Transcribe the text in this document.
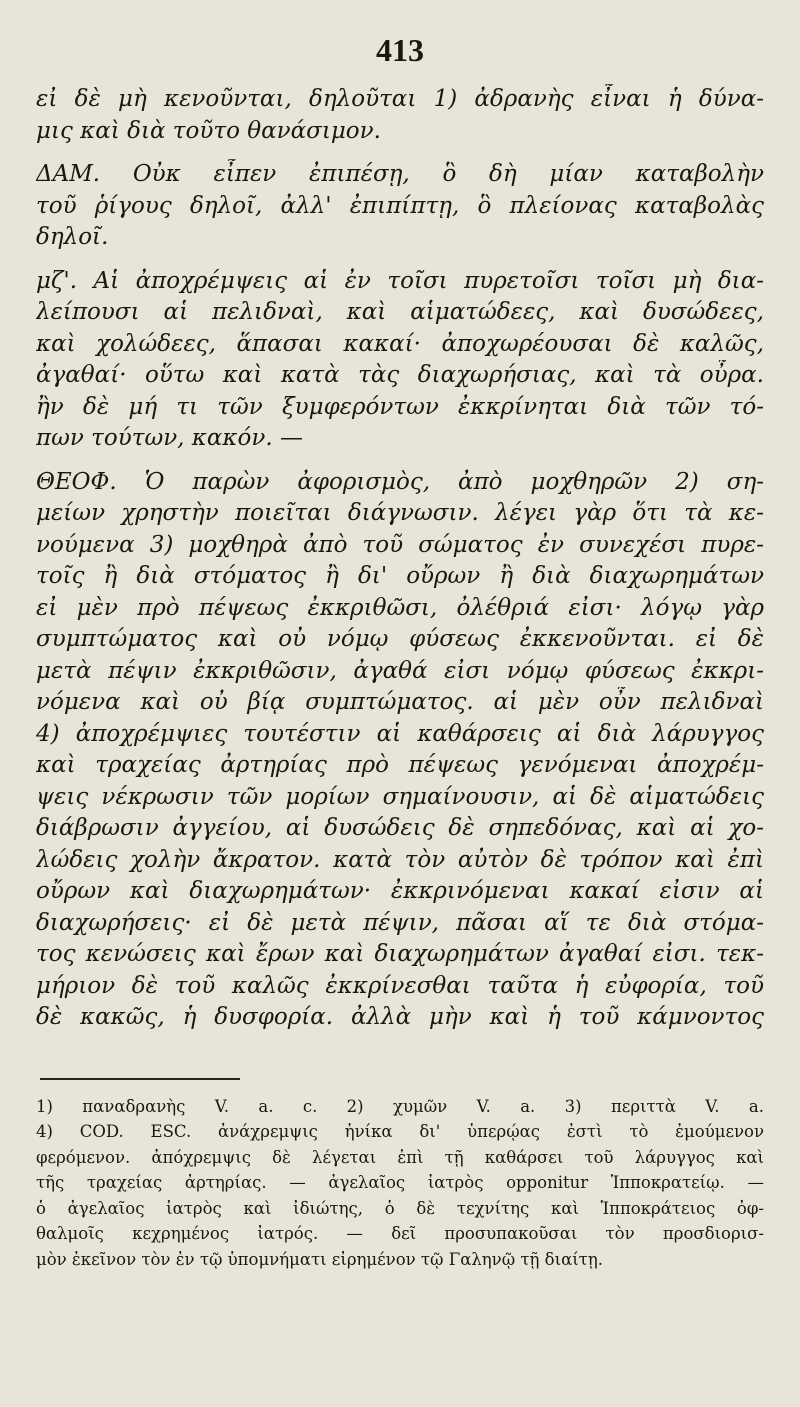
413
εἰ δὲ μὴ κενοῦνται, δηλοῦται 1) ἀδρανὴς εἶναι ἡ δύνα-
μις καὶ διὰ τοῦτο θανάσιμον.
ΔΑΜ. Οὐκ εἶπεν ἐπιπέσῃ, ὃ δὴ μίαν καταβολὴν
τοῦ ῥίγους δηλοῖ, ἀλλ' ἐπιπίπτῃ, ὃ πλείονας καταβολὰς
δηλοῖ.
μζ'. Αἱ ἀποχρέμψεις αἱ ἐν τοῖσι πυρετοῖσι τοῖσι μὴ δια-
λείπουσι αἱ πελιδναὶ, καὶ αἱματώδεες, καὶ δυσώδεες,
καὶ χολώδεες, ἅπασαι κακαί· ἀποχωρέουσαι δὲ καλῶς,
ἀγαθαί· οὕτω καὶ κατὰ τὰς διαχωρήσιας, καὶ τὰ οὖρα.
ἢν δὲ μή τι τῶν ξυμφερόντων ἐκκρίνηται διὰ τῶν τό-
πων τούτων, κακόν. —
ΘΕΟΦ. Ὁ παρὼν ἀφορισμὸς, ἀπὸ μοχθηρῶν 2) ση-
μείων χρηστὴν ποιεῖται διάγνωσιν. λέγει γὰρ ὅτι τὰ κε-
νούμενα 3) μοχθηρὰ ἀπὸ τοῦ σώματος ἐν συνεχέσι πυρε-
τοῖς ἢ διὰ στόματος ἢ δι' οὔρων ἢ διὰ διαχωρημάτων
εἰ μὲν πρὸ πέψεως ἐκκριθῶσι, ὀλέθριά εἰσι· λόγῳ γὰρ
συμπτώματος καὶ οὐ νόμῳ φύσεως ἐκκενοῦνται. εἰ δὲ
μετὰ πέψιν ἐκκριθῶσιν, ἀγαθά εἰσι νόμῳ φύσεως ἐκκρι-
νόμενα καὶ οὐ βίᾳ συμπτώματος. αἱ μὲν οὖν πελιδναὶ
4) ἀποχρέμψιες τουτέστιν αἱ καθάρσεις αἱ διὰ λάρυγγος
καὶ τραχείας ἀρτηρίας πρὸ πέψεως γενόμεναι ἀποχρέμ-
ψεις νέκρωσιν τῶν μορίων σημαίνουσιν, αἱ δὲ αἱματώδεις
διάβρωσιν ἀγγείου, αἱ δυσώδεις δὲ σηπεδόνας, καὶ αἱ χο-
λώδεις χολὴν ἄκρατον. κατὰ τὸν αὐτὸν δὲ τρόπον καὶ ἐπὶ
οὔρων καὶ διαχωρημάτων· ἐκκρινόμεναι κακαί εἰσιν αἱ
διαχωρήσεις· εἰ δὲ μετὰ πέψιν, πᾶσαι αἵ τε διὰ στόμα-
τος κενώσεις καὶ ἔρων καὶ διαχωρημάτων ἀγαθαί εἰσι. τεκ-
μήριον δὲ τοῦ καλῶς ἐκκρίνεσθαι ταῦτα ἡ εὐφορία, τοῦ
δὲ κακῶς, ἡ δυσφορία. ἀλλὰ μὴν καὶ ἡ τοῦ κάμνοντος
1) παναδρανὴς V. a. c. 2) χυμῶν V. a. 3) περιττὰ V. a.
4) COD. ESC. ἀνάχρεμψις ἡνίκα δι' ὑπερῴας ἐστὶ τὸ ἐμούμενον
φερόμενον. ἀπόχρεμψις δὲ λέγεται ἐπὶ τῇ καθάρσει τοῦ λάρυγγος καὶ
τῆς τραχείας ἀρτηρίας. — ἀγελαῖος ἰατρὸς opponitur Ἱπποκρατείῳ. —
ὁ ἀγελαῖος ἰατρὸς καὶ ἰδιώτης, ὁ δὲ τεχνίτης καὶ Ἱπποκράτειος ὀφ-
θαλμοῖς κεχρημένος ἰατρός. — δεῖ προσυπακοῦσαι τὸν προσδιορισ-
μὸν ἐκεῖνον τὸν ἐν τῷ ὑπομνήματι εἰρημένον τῷ Γαληνῷ τῇ διαίτῃ.
